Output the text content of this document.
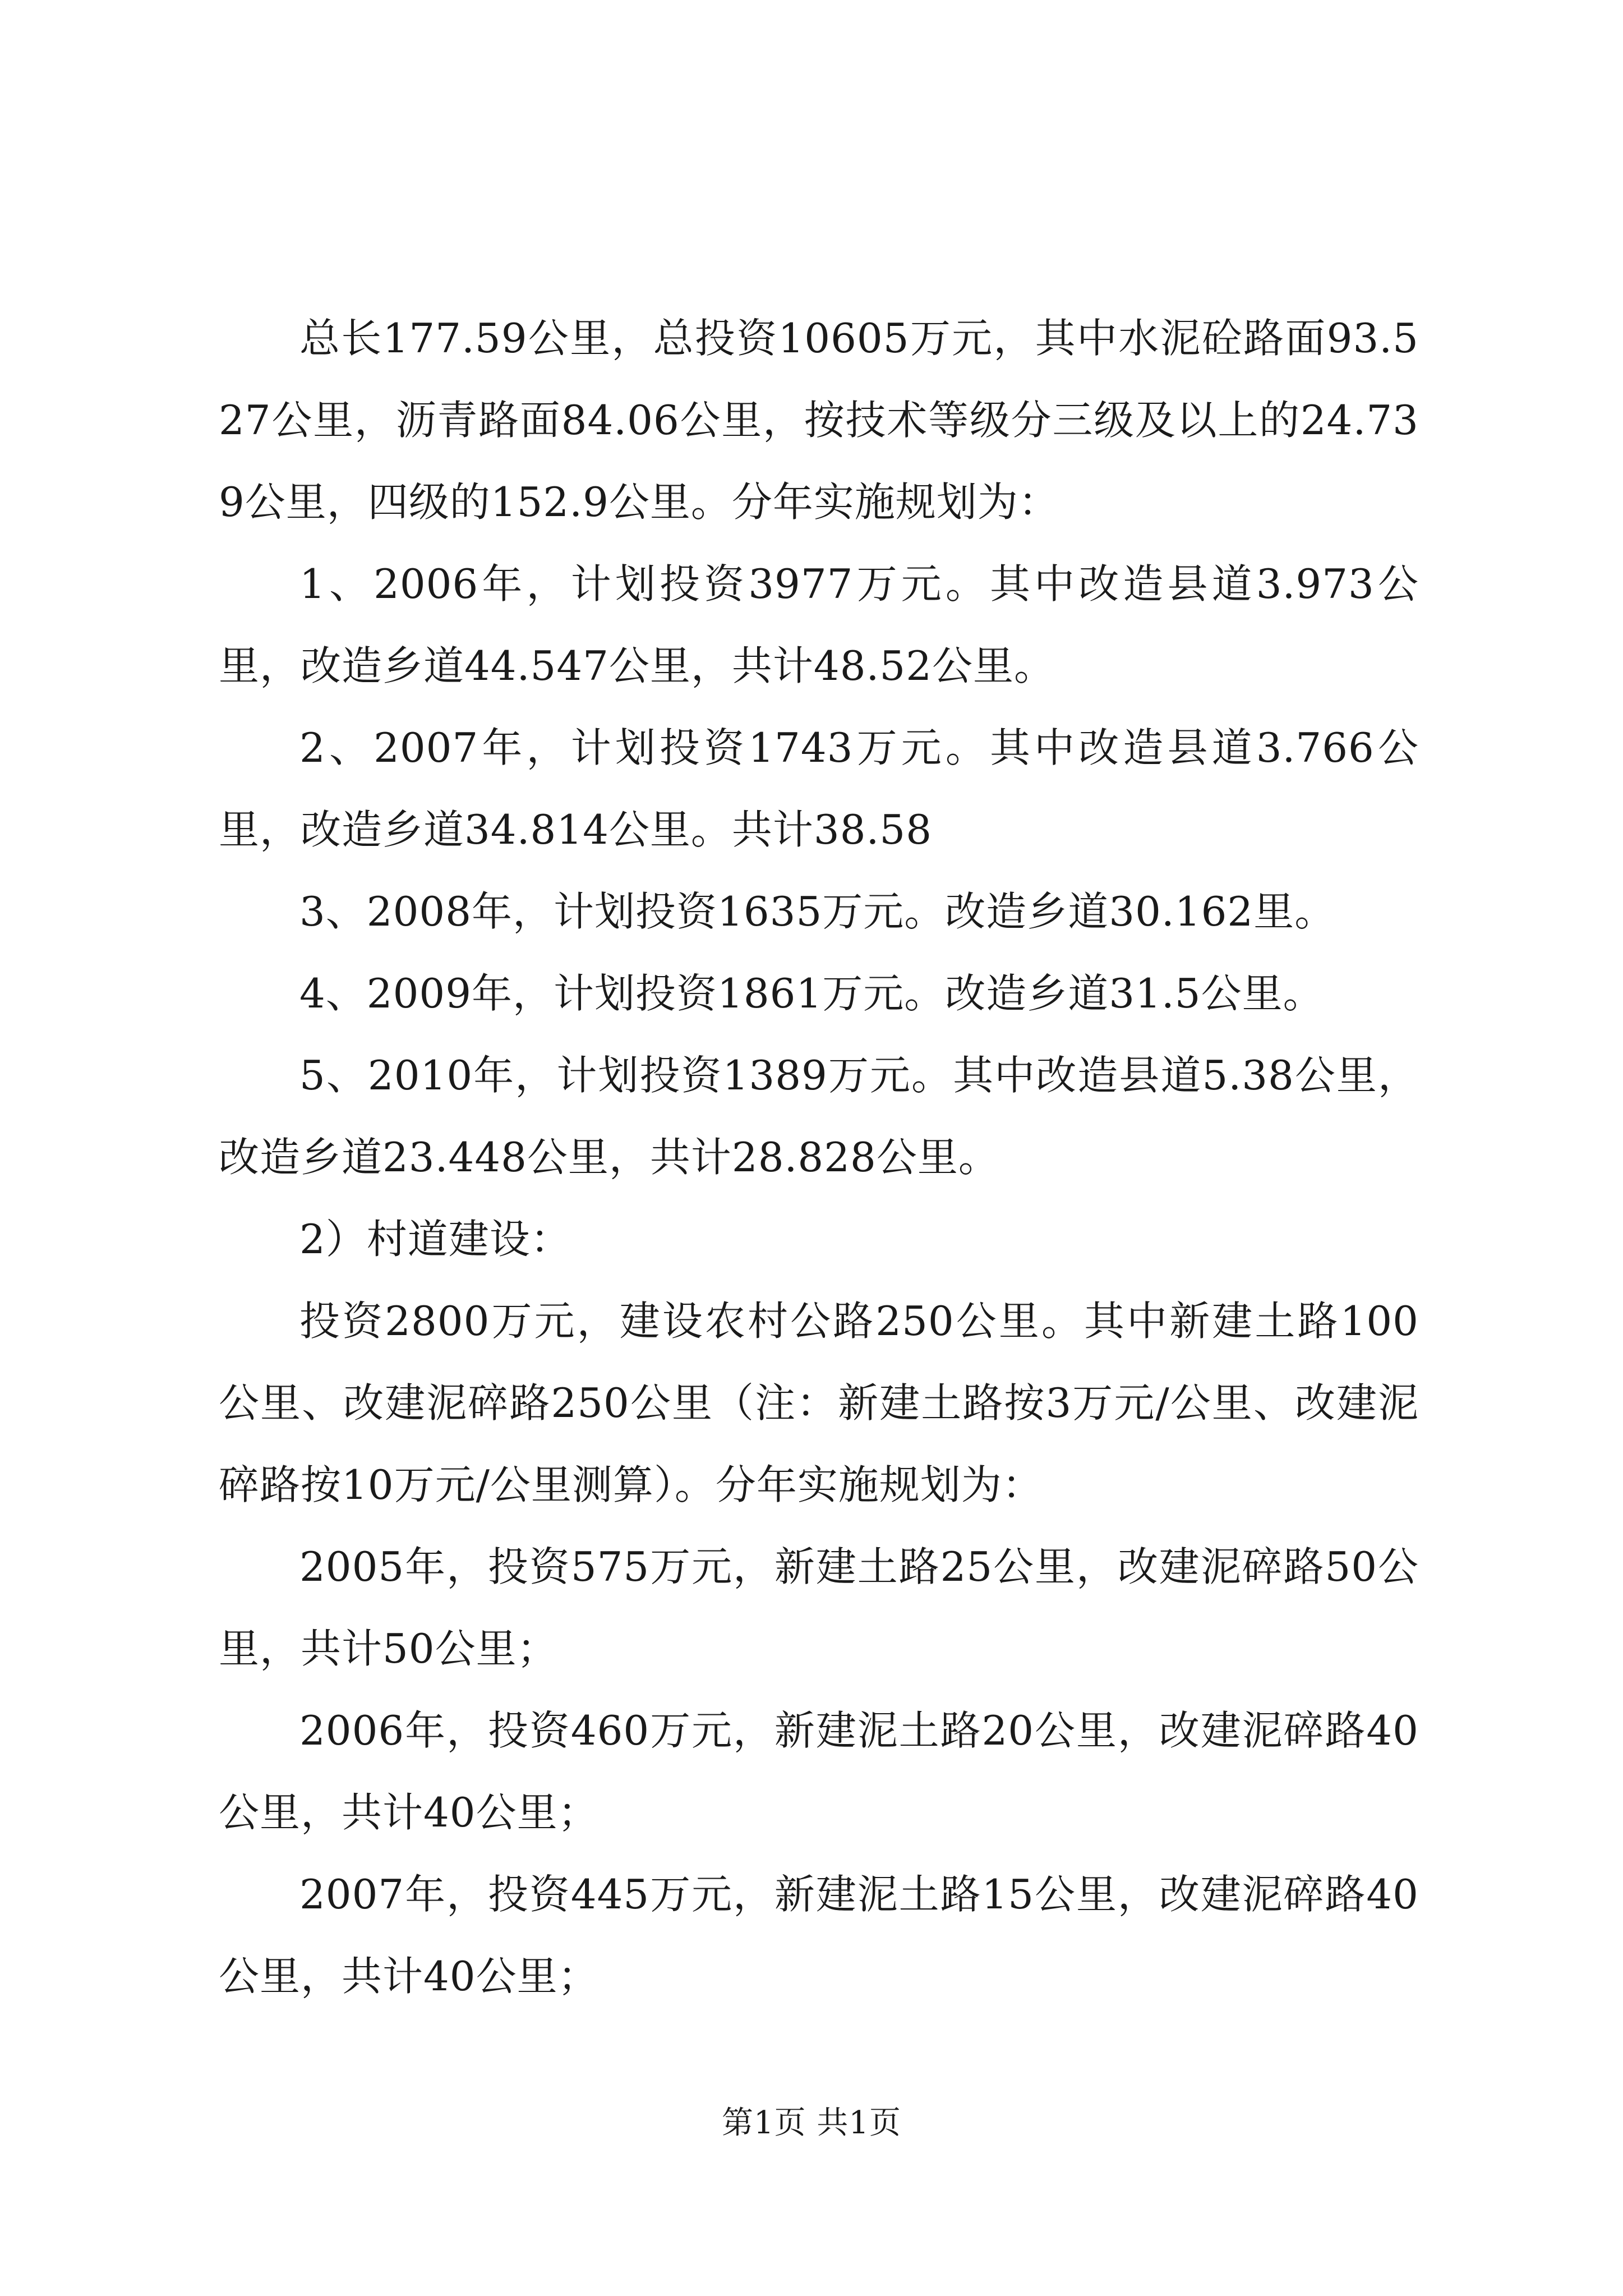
总长177.59公里，总投资10605万元，其中水泥砼路面93.527公里，沥青路面84.06公里，按技术等级分三级及以上的24.739公里，四级的152.9公里。分年实施规划为：

1、2006年，计划投资3977万元。其中改造县道3.973公里，改造乡道44.547公里，共计48.52公里。

2、2007年，计划投资1743万元。其中改造县道3.766公里，改造乡道34.814公里。共计38.58

3、2008年，计划投资1635万元。改造乡道30.162里。

4、2009年，计划投资1861万元。改造乡道31.5公里。

5、2010年，计划投资1389万元。其中改造县道5.38公里，改造乡道23.448公里，共计28.828公里。

2）村道建设：

投资2800万元，建设农村公路250公里。其中新建土路100公里、改建泥碎路250公里（注：新建土路按3万元/公里、改建泥碎路按10万元/公里测算）。分年实施规划为：

2005年，投资575万元，新建土路25公里，改建泥碎路50公里，共计50公里；

2006年，投资460万元，新建泥土路20公里，改建泥碎路40公里，共计40公里；

2007年，投资445万元，新建泥土路15公里，改建泥碎路40公里，共计40公里；

第1页 共1页
